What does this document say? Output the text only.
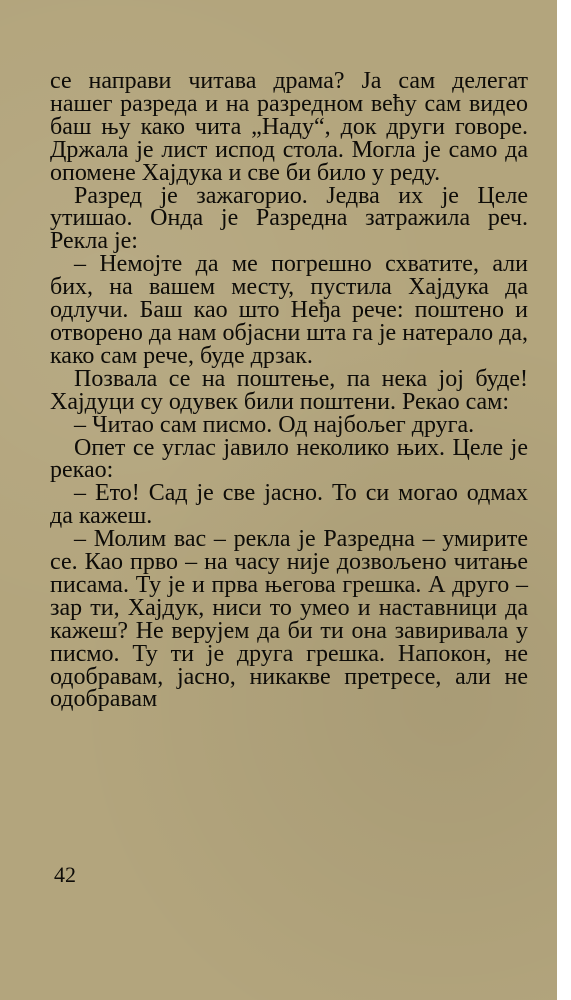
се направи читава драма? Ја сам делегат нашег разреда и на разредном већу сам видео баш њу како чита „Наду“, док други говоре. Држала је лист испод стола. Могла је само да опомене Хајдука и све би било у реду.

Разред је зажагорио. Једва их је Целе утишао. Онда је Разредна затражила реч. Рекла је:

– Немојте да ме погрешно схватите, али бих, на вашем месту, пустила Хајдука да одлучи. Баш као што Неђа рече: поштено и отворено да нам објасни шта га је натерало да, како сам рече, буде дрзак.

Позвала се на поштење, па нека јој буде! Хајдуци су одувек били поштени. Рекао сам:

– Читао сам писмо. Од најбољег друга.

Опет се углас јавило неколико њих. Целе је рекао:

– Ето! Сад је све јасно. То си могао одмах да кажеш.

– Молим вас – рекла је Разредна – умирите се. Као прво – на часу није дозвољено читање писама. Ту је и прва његова грешка. А друго – зар ти, Хајдук, ниси то умео и наставници да кажеш? Не верујем да би ти она завиривала у писмо. Ту ти је друга грешка. Напокон, не одобравам, јасно, никакве претресе, али не одобравам

42
